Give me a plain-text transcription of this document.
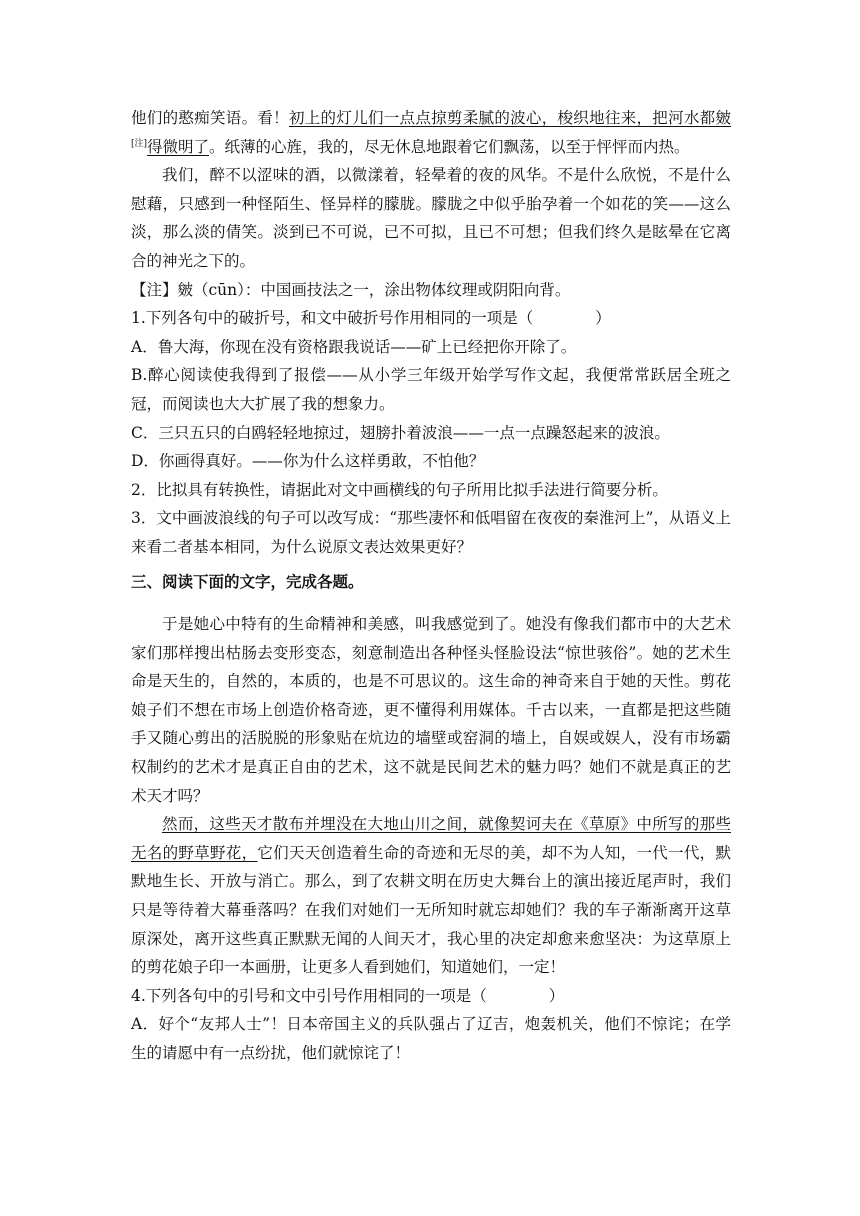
他们的憨痴笑语。看！初上的灯儿们一点点掠剪柔腻的波心，梭织地往来，把河水都皴[注]得微明了。纸薄的心旌，我的，尽无休息地跟着它们飘荡，以至于怦怦而内热。

我们，醉不以涩味的酒，以微漾着，轻晕着的夜的风华。不是什么欣悦，不是什么慰藉，只感到一种怪陌生、怪异样的朦胧。朦胧之中似乎胎孕着一个如花的笑——这么淡，那么淡的倩笑。淡到已不可说，已不可拟，且已不可想；但我们终久是眩晕在它离合的神光之下的。

【注】皴（cūn）：中国画技法之一，涂出物体纹理或阴阳向背。

1.下列各句中的破折号，和文中破折号作用相同的一项是（	）

A．鲁大海，你现在没有资格跟我说话——矿上已经把你开除了。

B.醉心阅读使我得到了报偿——从小学三年级开始学写作文起，我便常常跃居全班之冠，而阅读也大大扩展了我的想象力。

C．三只五只的白鸥轻轻地掠过，翅膀扑着波浪——一点一点躁怒起来的波浪。

D．你画得真好。——你为什么这样勇敢，不怕他？

2．比拟具有转换性，请据此对文中画横线的句子所用比拟手法进行简要分析。

3．文中画波浪线的句子可以改写成：“那些凄怀和低唱留在夜夜的秦淮河上”，从语义上来看二者基本相同，为什么说原文表达效果更好？

三、阅读下面的文字，完成各题。

于是她心中特有的生命精神和美感，叫我感觉到了。她没有像我们都市中的大艺术家们那样搜出枯肠去变形变态，刻意制造出各种怪头怪脸设法“惊世骇俗”。她的艺术生命是天生的，自然的，本质的，也是不可思议的。这生命的神奇来自于她的天性。剪花娘子们不想在市场上创造价格奇迹，更不懂得利用媒体。千古以来，一直都是把这些随手又随心剪出的活脱脱的形象贴在炕边的墙壁或窑洞的墙上，自娱或娱人，没有市场霸权制约的艺术才是真正自由的艺术，这不就是民间艺术的魅力吗？她们不就是真正的艺术天才吗？

然而，这些天才散布并埋没在大地山川之间，就像契诃夫在《草原》中所写的那些无名的野草野花，它们天天创造着生命的奇迹和无尽的美，却不为人知，一代一代，默默地生长、开放与消亡。那么，到了农耕文明在历史大舞台上的演出接近尾声时，我们只是等待着大幕垂落吗？在我们对她们一无所知时就忘却她们？我的车子渐渐离开这草原深处，离开这些真正默默无闻的人间天才，我心里的决定却愈来愈坚决：为这草原上的剪花娘子印一本画册，让更多人看到她们，知道她们，一定！

4.下列各句中的引号和文中引号作用相同的一项是（	）

A．好个“友邦人士”！日本帝国主义的兵队强占了辽吉，炮轰机关，他们不惊诧；在学生的请愿中有一点纷扰，他们就惊诧了！
